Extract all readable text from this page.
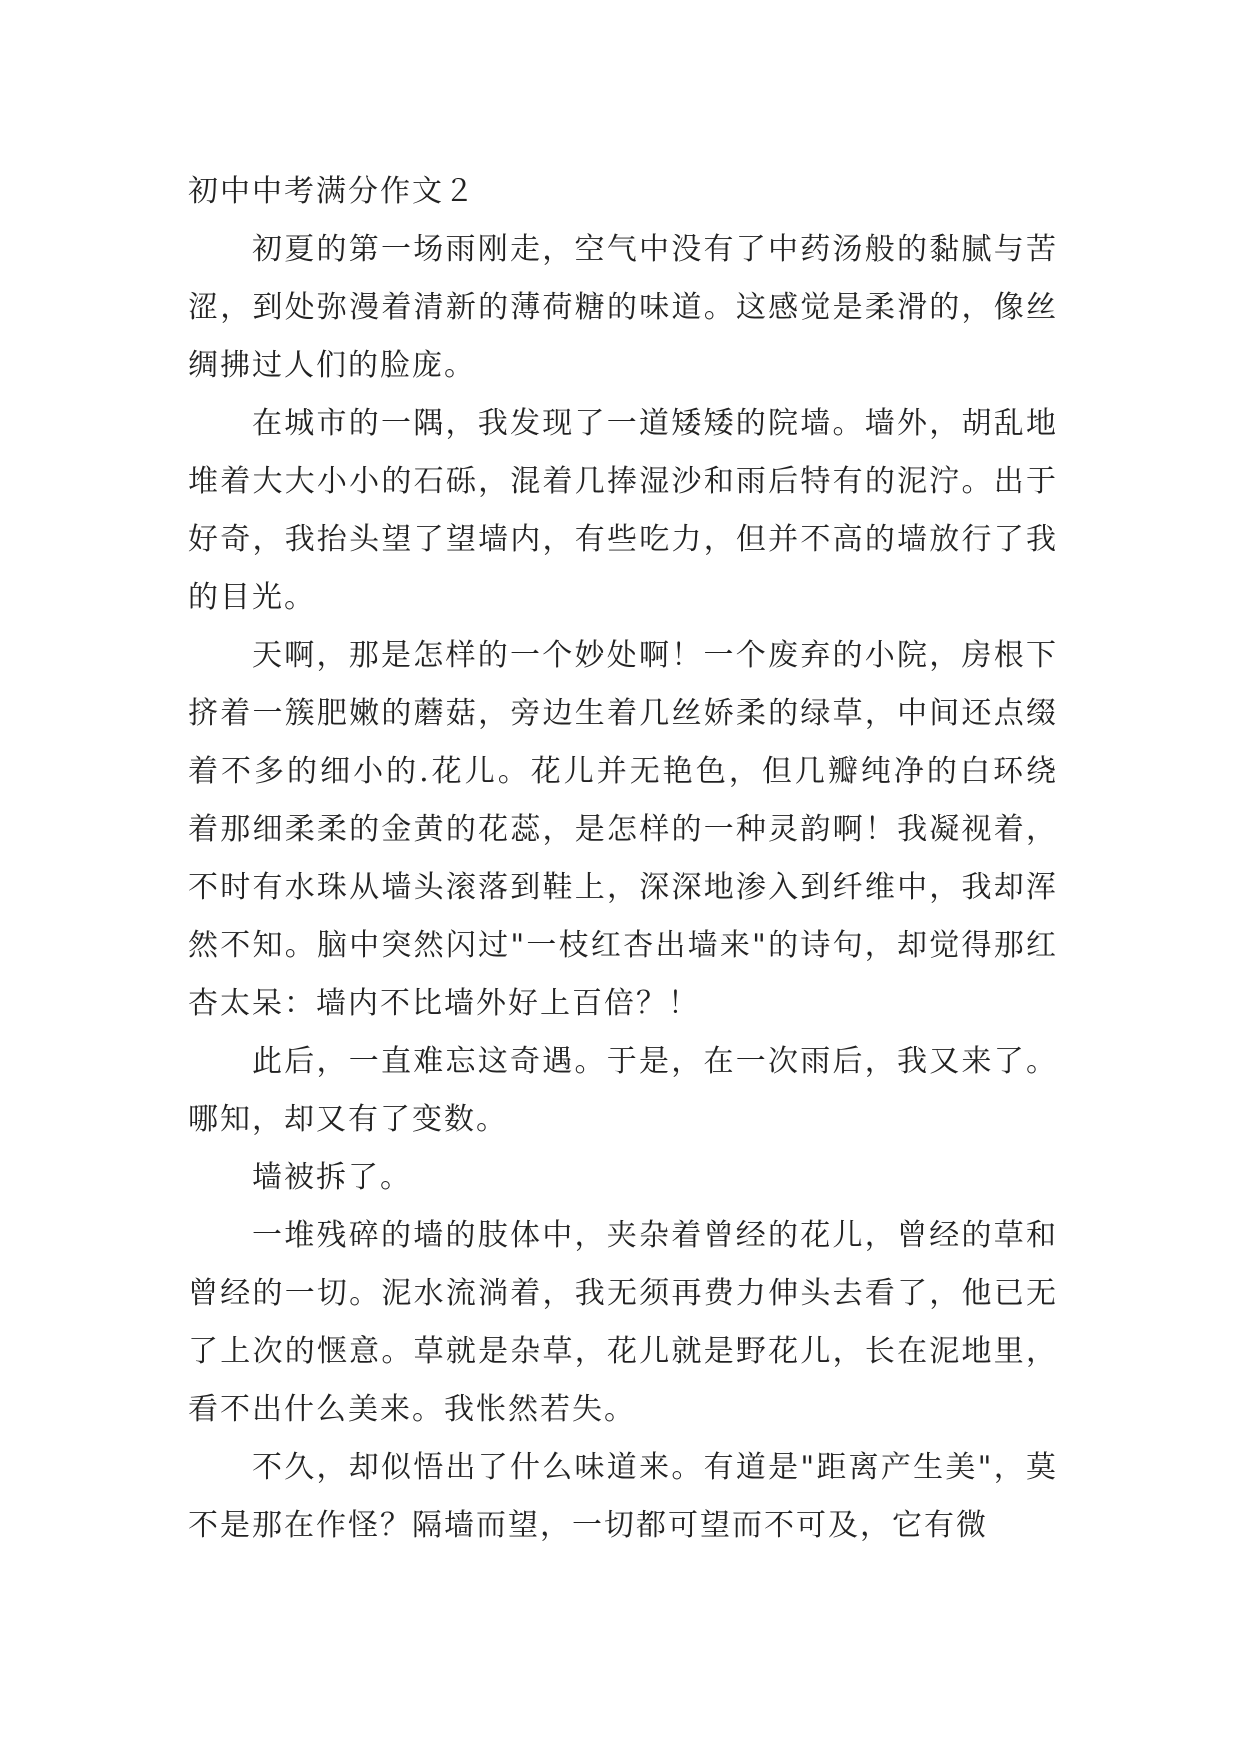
初中中考满分作文２

初夏的第一场雨刚走，空气中没有了中药汤般的黏腻与苦涩，到处弥漫着清新的薄荷糖的味道。这感觉是柔滑的，像丝绸拂过人们的脸庞。

在城市的一隅，我发现了一道矮矮的院墙。墙外，胡乱地堆着大大小小的石砾，混着几捧湿沙和雨后特有的泥泞。出于好奇，我抬头望了望墙内，有些吃力，但并不高的墙放行了我的目光。

天啊，那是怎样的一个妙处啊！一个废弃的小院，房根下挤着一簇肥嫩的蘑菇，旁边生着几丝娇柔的绿草，中间还点缀着不多的细小的.花儿。花儿并无艳色，但几瓣纯净的白环绕着那细柔柔的金黄的花蕊，是怎样的一种灵韵啊！我凝视着，不时有水珠从墙头滚落到鞋上，深深地渗入到纤维中，我却浑然不知。脑中突然闪过"一枝红杏出墙来"的诗句，却觉得那红杏太呆：墙内不比墙外好上百倍？！

此后，一直难忘这奇遇。于是，在一次雨后，我又来了。哪知，却又有了变数。

墙被拆了。

一堆残碎的墙的肢体中，夹杂着曾经的花儿，曾经的草和曾经的一切。泥水流淌着，我无须再费力伸头去看了，他已无了上次的惬意。草就是杂草，花儿就是野花儿，长在泥地里，看不出什么美来。我怅然若失。

不久，却似悟出了什么味道来。有道是"距离产生美"，莫不是那在作怪？隔墙而望，一切都可望而不可及，它有微
